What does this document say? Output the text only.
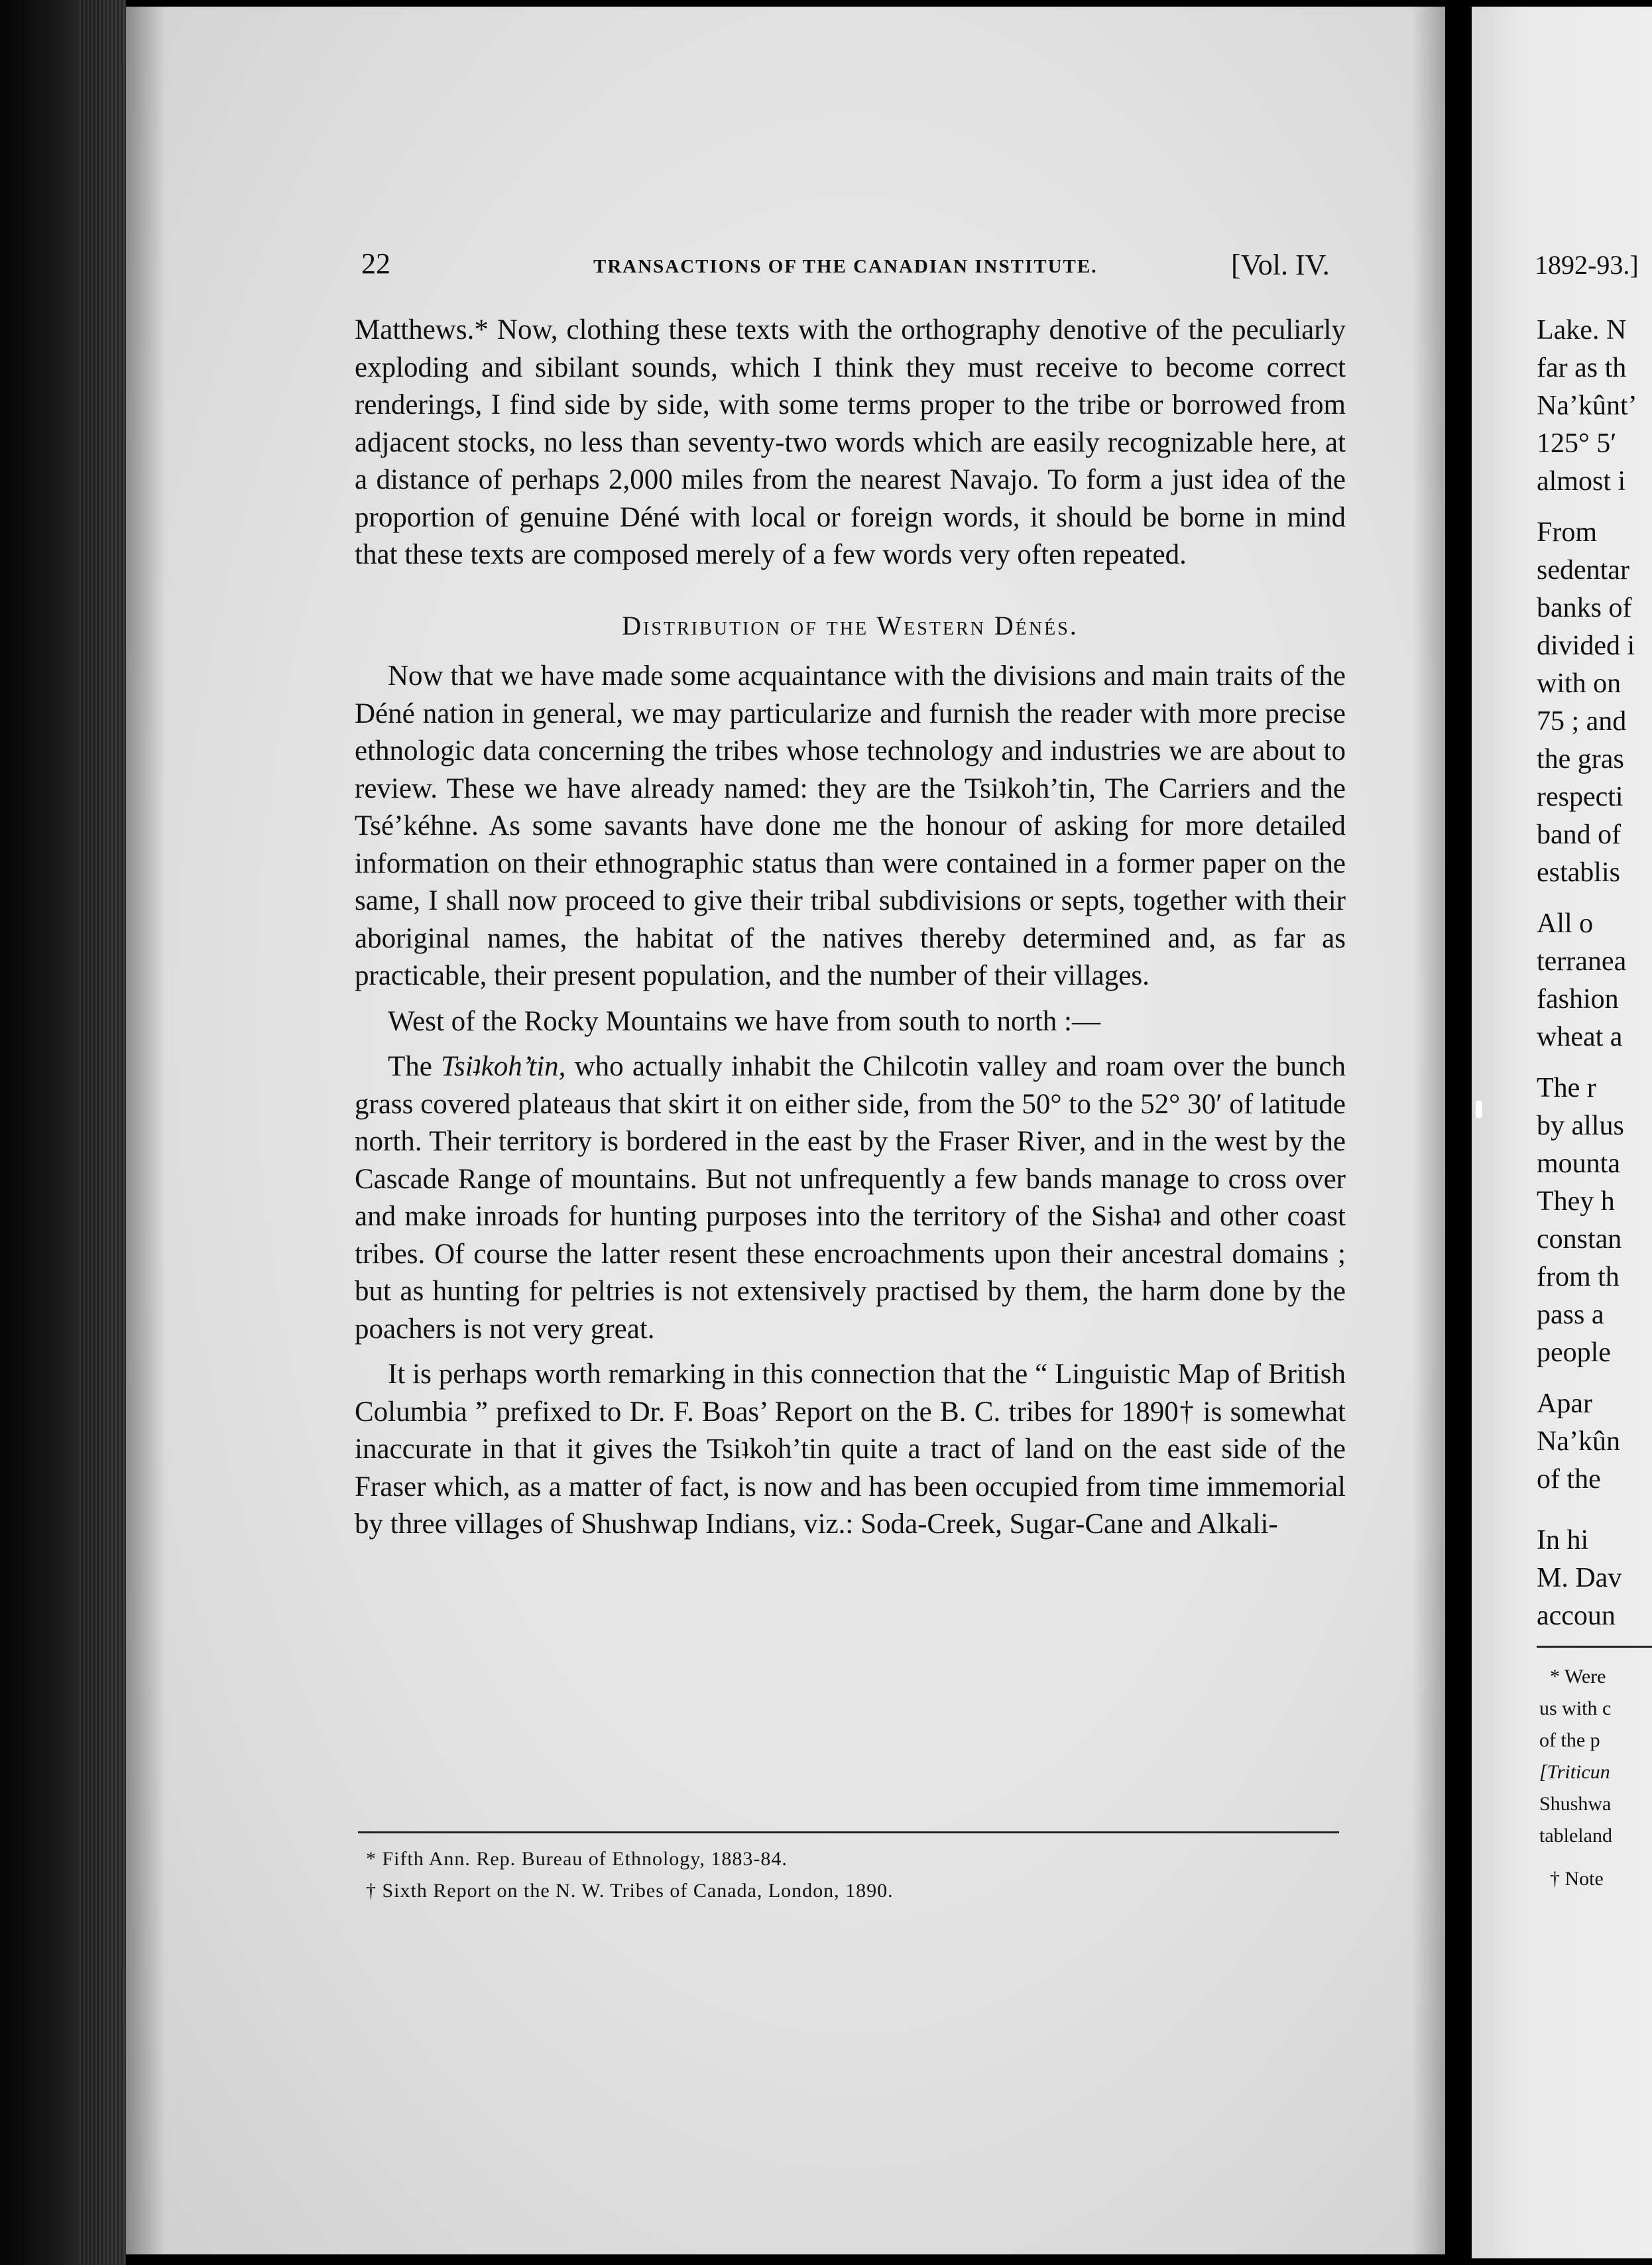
22	TRANSACTIONS OF THE CANADIAN INSTITUTE.	[Vol. IV.

Matthews.* Now, clothing these texts with the orthography denotive of the peculiarly exploding and sibilant sounds, which I think they must receive to become correct renderings, I find side by side, with some terms proper to the tribe or borrowed from adjacent stocks, no less than seventy-two words which are easily recognizable here, at a distance of perhaps 2,000 miles from the nearest Navajo. To form a just idea of the proportion of genuine Déné with local or foreign words, it should be borne in mind that these texts are composed merely of a few words very often repeated.

Distribution of the Western Dénés.

Now that we have made some acquaintance with the divisions and main traits of the Déné nation in general, we may particularize and furnish the reader with more precise ethnologic data concerning the tribes whose technology and industries we are about to review. These we have already named: they are the Tsiʇkoh’tin, The Carriers and the Tsé’kéhne. As some savants have done me the honour of asking for more detailed information on their ethnographic status than were contained in a former paper on the same, I shall now proceed to give their tribal subdivisions or septs, together with their aboriginal names, the habitat of the natives thereby determined and, as far as practicable, their present population, and the number of their villages.

West of the Rocky Mountains we have from south to north :—

The Tsiʇkoh’tin, who actually inhabit the Chilcotin valley and roam over the bunch grass covered plateaus that skirt it on either side, from the 50° to the 52° 30′ of latitude north. Their territory is bordered in the east by the Fraser River, and in the west by the Cascade Range of mountains. But not unfrequently a few bands manage to cross over and make inroads for hunting purposes into the territory of the Sishaʇ and other coast tribes. Of course the latter resent these encroachments upon their ancestral domains ; but as hunting for peltries is not extensively practised by them, the harm done by the poachers is not very great.

It is perhaps worth remarking in this connection that the “ Linguistic Map of British Columbia ” prefixed to Dr. F. Boas’ Report on the B. C. tribes for 1890† is somewhat inaccurate in that it gives the Tsiʇkoh’tin quite a tract of land on the east side of the Fraser which, as a matter of fact, is now and has been occupied from time immemorial by three villages of Shushwap Indians, viz.: Soda-Creek, Sugar-Cane and Alkali-

* Fifth Ann. Rep. Bureau of Ethnology, 1883-84.

† Sixth Report on the N. W. Tribes of Canada, London, 1890.

1892-93.]
Lake. N
far as th
Na’kûnt’
125° 5′
almost i
From
sedentar
banks of
divided i
with on
75 ; and
the gras
respecti
band of
establis
All o
terranea
fashion
wheat a
The r
by allus
mounta
They h
constan
from th
pass a
people
Apar
Na’kûn
of the
In hi
M. Dav
accoun
* Were
us with c
of the p
[Triticun
Shushwa
tableland
† Note
